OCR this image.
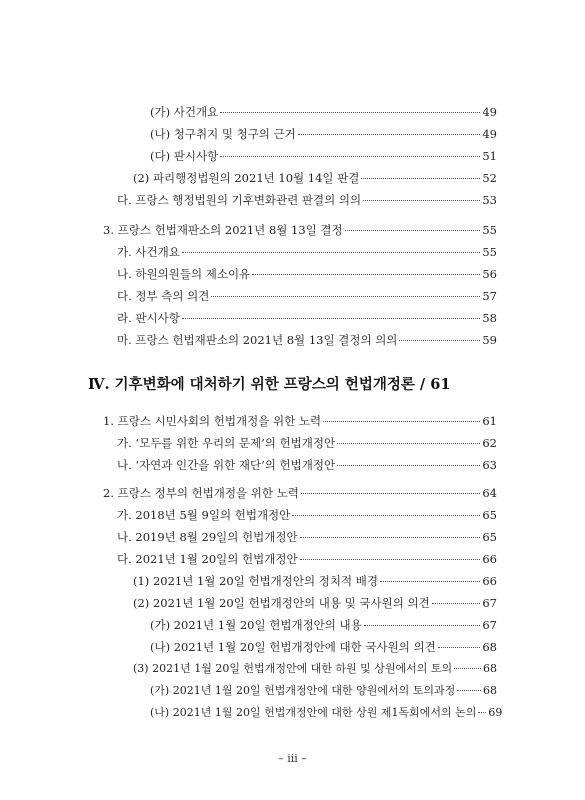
(가) 사건개요	49
(나) 청구취지 및 청구의 근거	49
(다) 판시사항	51
(2) 파리행정법원의 2021년 10월 14일 판결	52
다. 프랑스 행정법원의 기후변화관련 판결의 의의	53
3. 프랑스 헌법재판소의 2021년 8월 13일 결정	55
가. 사건개요	55
나. 하원의원들의 제소이유	56
다. 정부 측의 의견	57
라. 판시사항	58
마. 프랑스 헌법재판소의 2021년 8월 13일 결정의 의의	59
Ⅳ. 기후변화에 대처하기 위한 프랑스의 헌법개정론 / 61
1. 프랑스 시민사회의 헌법개정을 위한 노력	61
가. ‘모두를 위한 우리의 문제’의 헌법개정안	62
나. ‘자연과 인간을 위한 재단’의 헌법개정안	63
2. 프랑스 정부의 헌법개정을 위한 노력	64
가. 2018년 5월 9일의 헌법개정안	65
나. 2019년 8월 29일의 헌법개정안	65
다. 2021년 1월 20일의 헌법개정안	66
(1) 2021년 1월 20일 헌법개정안의 정치적 배경	66
(2) 2021년 1월 20일 헌법개정안의 내용 및 국사원의 의견	67
(가) 2021년 1월 20일 헌법개정안의 내용	67
(나) 2021년 1월 20일 헌법개정안에 대한 국사원의 의견	68
(3) 2021년 1월 20일 헌법개정안에 대한 하원 및 상원에서의 토의	68
(가) 2021년 1월 20일 헌법개정안에 대한 양원에서의 토의과정	68
(나) 2021년 1월 20일 헌법개정안에 대한 상원 제1독회에서의 논의 69
– iii –
